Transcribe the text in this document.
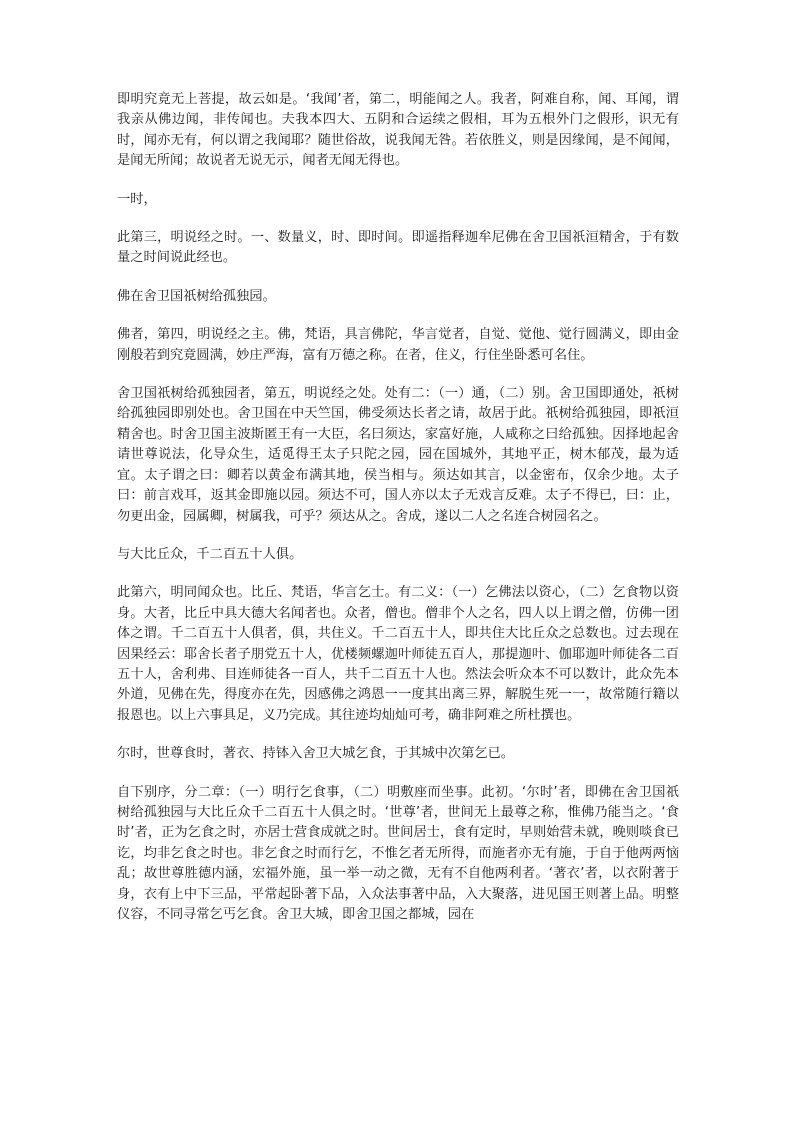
即明究竟无上菩提，故云如是。‘我闻’者，第二，明能闻之人。我者，阿难自称，闻、耳闻，谓我亲从佛边闻，非传闻也。夫我本四大、五阴和合运续之假相，耳为五根外门之假形，识无有时，闻亦无有，何以谓之我闻耶？随世俗故，说我闻无咎。若依胜义，则是因缘闻，是不闻闻，是闻无所闻；故说者无说无示，闻者无闻无得也。

一时，

此第三，明说经之时。一、数量义，时、即时间。即遥指释迦牟尼佛在舍卫国祇洹精舍，于有数量之时间说此经也。

佛在舍卫国祇树给孤独园。

佛者，第四，明说经之主。佛，梵语，具言佛陀，华言觉者，自觉、觉他、觉行圆满义，即由金刚般若到究竟圆满，妙庄严海，富有万德之称。在者，住义，行住坐卧悉可名住。

舍卫国祇树给孤独园者，第五，明说经之处。处有二：（一）通，（二）别。舍卫国即通处，祇树给孤独园即别处也。舍卫国在中天竺国，佛受须达长者之请，故居于此。祇树给孤独园，即祇洹精舍也。时舍卫国主波斯匿王有一大臣，名曰须达，家富好施，人咸称之曰给孤独。因择地起舍请世尊说法，化导众生，适觅得王太子只陀之园，园在国城外，其地平正，树木郁茂，最为适宜。太子谓之曰：卿若以黄金布满其地，侯当相与。须达如其言，以金密布，仅余少地。太子曰：前言戏耳，返其金即施以园。须达不可，国人亦以太子无戏言反难。太子不得已，曰：止，勿更出金，园属卿，树属我，可乎？须达从之。舍成，遂以二人之名连合树园名之。

与大比丘众，千二百五十人俱。

此第六，明同闻众也。比丘、梵语，华言乞士。有二义：（一）乞佛法以资心，（二）乞食物以资身。大者，比丘中具大德大名闻者也。众者，僧也。僧非个人之名，四人以上谓之僧，仿佛一团体之谓。千二百五十人俱者，俱，共住义。千二百五十人，即共住大比丘众之总数也。过去现在因果经云：耶舍长者子朋党五十人，优楼频螺迦叶师徒五百人，那提迦叶、伽耶迦叶师徒各二百五十人，舍利弗、目连师徒各一百人，共千二百五十人也。然法会听众本不可以数计，此众先本外道，见佛在先，得度亦在先，因感佛之鸿恩一一度其出离三界，解脱生死一一，故常随行籍以报恩也。以上六事具足，义乃完成。其往迹均灿灿可考，确非阿难之所杜撰也。

尔时，世尊食时，著衣、持钵入舍卫大城乞食，于其城中次第乞已。

自下别序，分二章：（一）明行乞食事，（二）明敷座而坐事。此初。‘尔时’者，即佛在舍卫国祇树给孤独园与大比丘众千二百五十人俱之时。‘世尊’者，世间无上最尊之称，惟佛乃能当之。‘食时’者，正为乞食之时，亦居士营食成就之时。世间居士，食有定时，早则始营未就，晚则啖食已讫，均非乞食之时也。非乞食之时而行乞，不惟乞者无所得，而施者亦无有施，于自于他两两恼乱；故世尊胜德内涵，宏福外施，虽一举一动之微，无有不自他两利者。‘著衣’者，以衣附著于身，衣有上中下三品，平常起卧著下品，入众法事著中品，入大聚落，进见国王则著上品。明整仪容，不同寻常乞丐乞食。舍卫大城，即舍卫国之都城，园在
